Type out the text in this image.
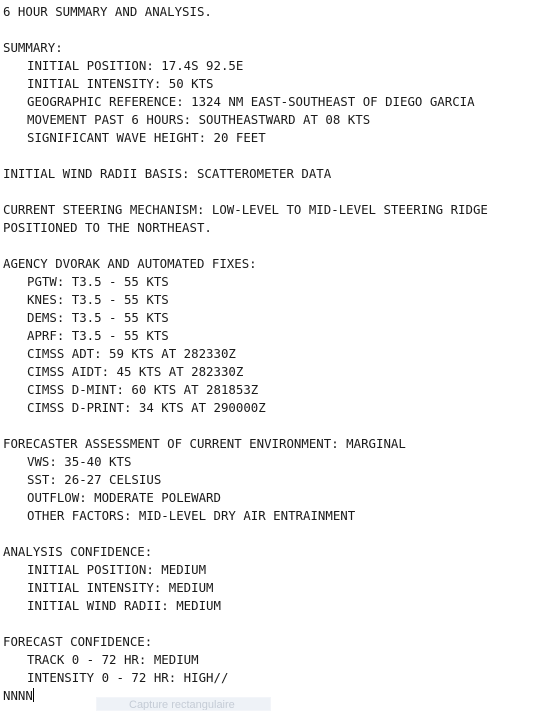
6 HOUR SUMMARY AND ANALYSIS.
SUMMARY:
INITIAL POSITION: 17.4S 92.5E
INITIAL INTENSITY: 50 KTS
GEOGRAPHIC REFERENCE: 1324 NM EAST-SOUTHEAST OF DIEGO GARCIA
MOVEMENT PAST 6 HOURS: SOUTHEASTWARD AT 08 KTS
SIGNIFICANT WAVE HEIGHT: 20 FEET
INITIAL WIND RADII BASIS: SCATTEROMETER DATA
CURRENT STEERING MECHANISM: LOW-LEVEL TO MID-LEVEL STEERING RIDGE
POSITIONED TO THE NORTHEAST.
AGENCY DVORAK AND AUTOMATED FIXES:
PGTW: T3.5 - 55 KTS
KNES: T3.5 - 55 KTS
DEMS: T3.5 - 55 KTS
APRF: T3.5 - 55 KTS
CIMSS ADT: 59 KTS AT 282330Z
CIMSS AIDT: 45 KTS AT 282330Z
CIMSS D-MINT: 60 KTS AT 281853Z
CIMSS D-PRINT: 34 KTS AT 290000Z
FORECASTER ASSESSMENT OF CURRENT ENVIRONMENT: MARGINAL
VWS: 35-40 KTS
SST: 26-27 CELSIUS
OUTFLOW: MODERATE POLEWARD
OTHER FACTORS: MID-LEVEL DRY AIR ENTRAINMENT
ANALYSIS CONFIDENCE:
INITIAL POSITION: MEDIUM
INITIAL INTENSITY: MEDIUM
INITIAL WIND RADII: MEDIUM
FORECAST CONFIDENCE:
TRACK 0 - 72 HR: MEDIUM
INTENSITY 0 - 72 HR: HIGH//
NNNN
Capture rectangulaire
